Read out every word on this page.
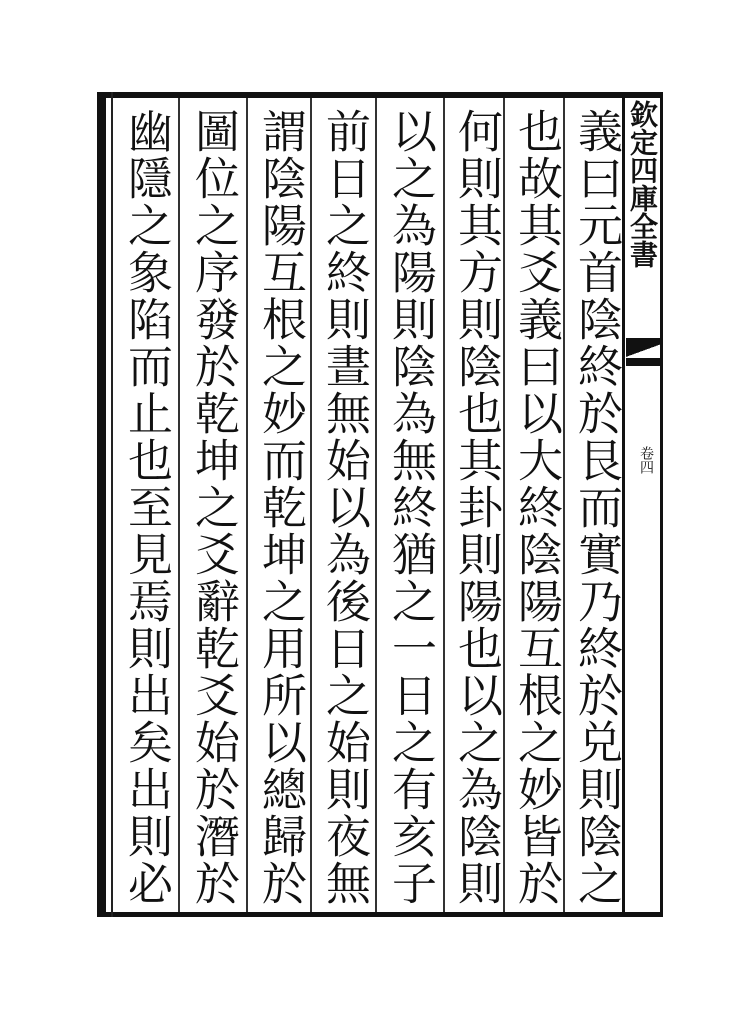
欽定四庫全書
卷四
義曰元首陰終於艮而實乃終於兑則陰之
也故其爻義曰以大終陰陽互根之妙皆於
何則其方則陰也其卦則陽也以之為陰則
以之為陽則陰為無終猶之一日之有亥子
前日之終則晝無始以為後日之始則夜無
謂陰陽互根之妙而乾坤之用所以總歸於
圖位之序發於乾坤之爻辭乾爻始於潛於
幽隱之象陷而止也至見焉則出矣出則必
